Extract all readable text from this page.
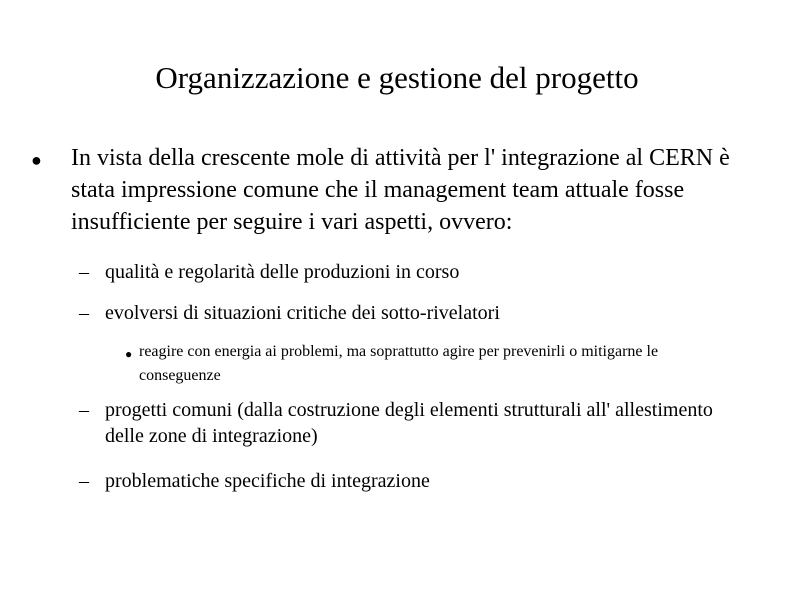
Organizzazione e gestione del progetto
● In vista della crescente mole di attività per l' integrazione al CERN è stata impressione comune che il management team attuale fosse insufficiente per seguire i vari aspetti, ovvero:
– qualità e regolarità delle produzioni in corso
– evolversi di situazioni critiche dei sotto-rivelatori
● reagire con energia ai problemi, ma soprattutto agire per prevenirli o mitigarne le conseguenze
– progetti comuni (dalla costruzione degli elementi strutturali all' allestimento delle zone di integrazione)
– problematiche specifiche di integrazione
